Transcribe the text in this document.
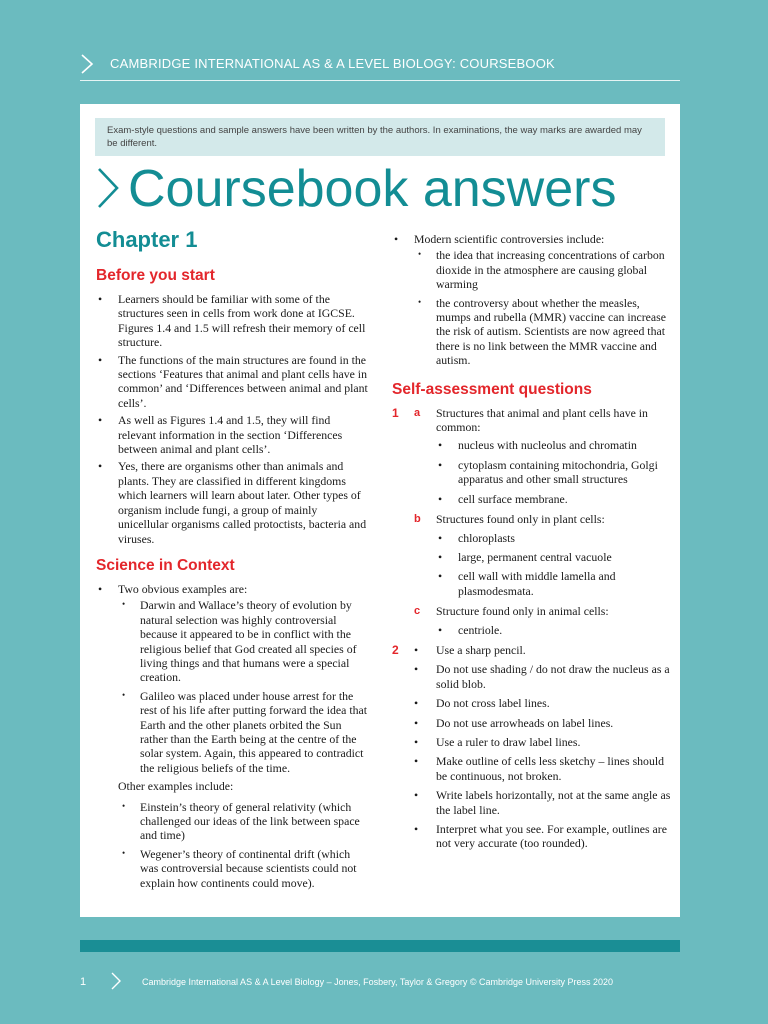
CAMBRIDGE INTERNATIONAL AS & A LEVEL BIOLOGY: COURSEBOOK
Exam-style questions and sample answers have been written by the authors. In examinations, the way marks are awarded may be different.
Coursebook answers
Chapter 1
Before you start
• Learners should be familiar with some of the structures seen in cells from work done at IGCSE. Figures 1.4 and 1.5 will refresh their memory of cell structure.
• The functions of the main structures are found in the sections ‘Features that animal and plant cells have in common’ and ‘Differences between animal and plant cells’.
• As well as Figures 1.4 and 1.5, they will find relevant information in the section ‘Differences between animal and plant cells’.
• Yes, there are organisms other than animals and plants. They are classified in different kingdoms which learners will learn about later. Other types of organism include fungi, a group of mainly unicellular organisms called protoctists, bacteria and viruses.
Science in Context
• Two obvious examples are:
• Darwin and Wallace’s theory of evolution by natural selection was highly controversial because it appeared to be in conflict with the religious belief that God created all species of living things and that humans were a special creation.
• Galileo was placed under house arrest for the rest of his life after putting forward the idea that Earth and the other planets orbited the Sun rather than the Earth being at the centre of the solar system. Again, this appeared to contradict the religious beliefs of the time.
Other examples include:
• Einstein’s theory of general relativity (which challenged our ideas of the link between space and time)
• Wegener’s theory of continental drift (which was controversial because scientists could not explain how continents could move).
• Modern scientific controversies include:
• the idea that increasing concentrations of carbon dioxide in the atmosphere are causing global warming
• the controversy about whether the measles, mumps and rubella (MMR) vaccine can increase the risk of autism. Scientists are now agreed that there is no link between the MMR vaccine and autism.
Self-assessment questions
1 a Structures that animal and plant cells have in common:
• nucleus with nucleolus and chromatin
• cytoplasm containing mitochondria, Golgi apparatus and other small structures
• cell surface membrane.
b Structures found only in plant cells:
• chloroplasts
• large, permanent central vacuole
• cell wall with middle lamella and plasmodesmata.
c Structure found only in animal cells:
• centriole.
2
•	Use a sharp pencil.
• Do not use shading / do not draw the nucleus as a solid blob.
• Do not cross label lines.
• Do not use arrowheads on label lines.
• Use a ruler to draw label lines.
• Make outline of cells less sketchy – lines should be continuous, not broken.
• Write labels horizontally, not at the same angle as the label line.
• Interpret what you see. For example, outlines are not very accurate (too rounded).
1	Cambridge International AS & A Level Biology – Jones, Fosbery, Taylor & Gregory © Cambridge University Press 2020
